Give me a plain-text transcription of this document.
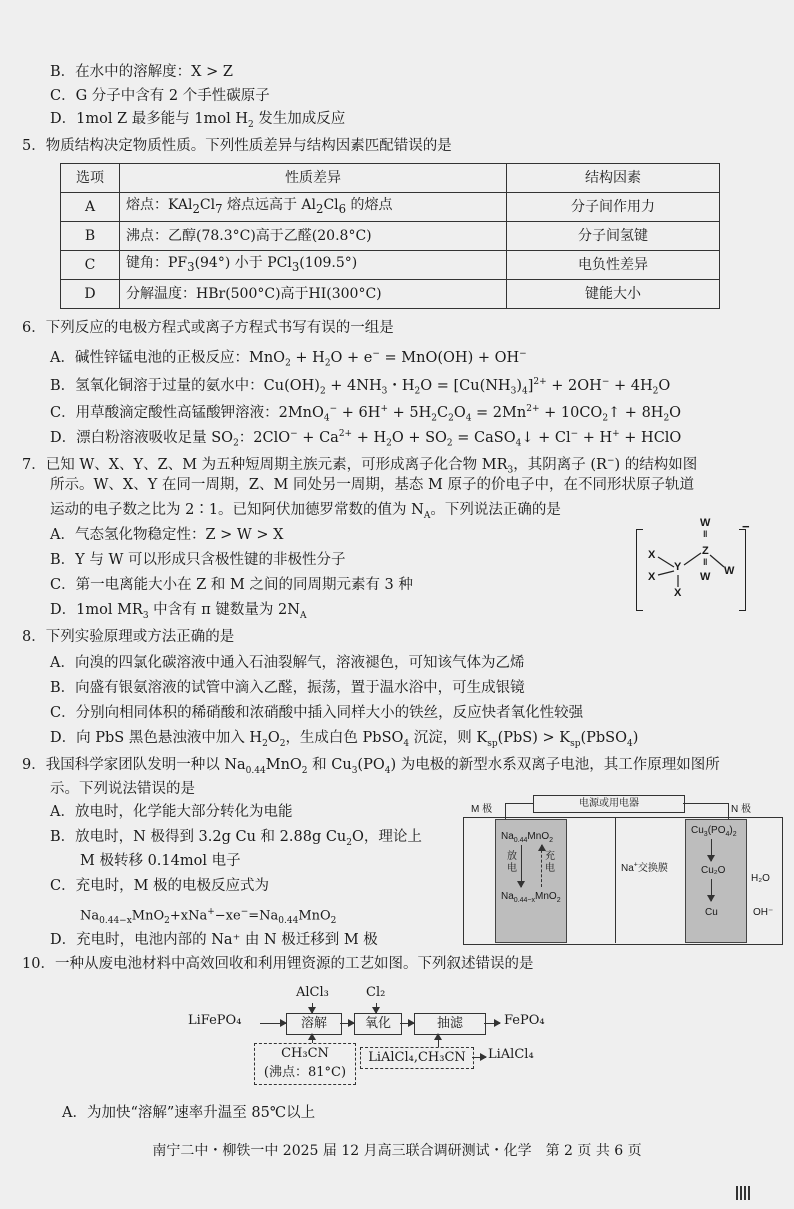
B．在水中的溶解度：X > Z
C．G 分子中含有 2 个手性碳原子
D．1mol Z 最多能与 1mol $H_2$ 发生加成反应
5．物质结构决定物质性质。下列性质差异与结构因素匹配错误的是
选项	性质差异	结构因素
A	熔点：$KAl_2Cl_7$ 熔点远高于 $Al_2Cl_6$ 的熔点	分子间作用力
B	沸点：乙醇(78.3°C)高于乙醛(20.8°C)	分子间氢键
C	键角：$PF_3(94^\circ)$ 小于 PCl$_3$(109.5°)	电负性差异
D	分解温度：HBr(500°C)高于HI(300°C)	键能大小
6．下列反应的电极方程式或离子方程式书写有误的一组是
A．碱性锌锰电池的正极反应：$MnO_2 + H_2O + e^- = MnO(OH) + OH^-$
B．氢氧化铜溶于过量的氨水中：$Cu(OH)_2 + 4NH_3$・$H_2O = [Cu(NH_3)_4]^{2+} + 2OH^- + 4H_2O$
C．用草酸滴定酸性高锰酸钾溶液：$2MnO_4^- + 6H^+ + 5H_2C_2O_4 = 2Mn^{2+}$ + $10CO_2↑ + 8H_2O$
D．漂白粉溶液吸收足量 $SO_2$：$2ClO^- + Ca^{2+} + H_2O + SO_2$ = CaSO$_4$↓ + Cl− + H+ + HClO
7．已知 W、X、Y、Z、M 为五种短周期主族元素，可形成离子化合物 $MR_3$，其阴离子 (R−) 的结构如图
所示。W、X、Y 在同一周期，Z、M 同处另一周期，基态 M 原子的价电子中，在不同形状原子轨道
运动的电子数之比为 2∶1。已知阿伏加德罗常数的值为 $N_A$。下列说法正确的是
A．气态氢化物稳定性：Z > W > X
B．Y 与 W 可以形成只含极性键的非极性分子
C．第一电离能大小在 Z 和 M 之间的同周期元素有 3 种
D．1mol $MR_3$ 中含有 π 键数量为 $2N_A$
−
W
‖
Z
‖
W W
Y
X
X
X
8．下列实验原理或方法正确的是
A．向溴的四氯化碳溶液中通入石油裂解气，溶液褪色，可知该气体为乙烯
B．向盛有银氨溶液的试管中滴入乙醛，振荡，置于温水浴中，可生成银镜
C．分别向相同体积的稀硝酸和浓硝酸中插入同样大小的铁丝，反应快者氧化性较强
D．向 PbS 黑色悬浊液中加入 $H_2O_2$，生成白色 PbSO$_4$ 沉淀，则 $K_{sp}(PbS)$ > $K_{sp}(PbSO_4)$
9．我国科学家团队发明一种以 $Na_{0.44}MnO_2$ 和 $Cu_3(PO_4)$ 为电极的新型水系双离子电池，其工作原理如图所
示。下列说法错误的是
A．放电时，化学能大部分转化为电能
B．放电时，N 极得到 3.2g Cu 和 2.88g $Cu_2O$，理论上
M 极转移 0.14mol 电子
C．充电时，M 极的电极反应式为
$Na_{0.44-x}MnO_2+xNa^+-xe^-=Na_{0.44}MnO_2$
D．充电时，电池内部的 Na⁺ 由 N 极迁移到 M 极
电源或用电器
M 极	N 极
$Na_{0.44}MnO_2$
$Na_{0.44-x}MnO_2$
放电
充电	Na+交换膜
$Cu_3(PO_4)_2$
Cu₂O
Cu
H₂O
OH⁻
10．一种从废电池材料中高效回收和利用锂资源的工艺如图。下列叙述错误的是
LiFePO₄	溶解	氧化	抽滤	FePO₄
AlCl₃	Cl₂
CH₃CN
(沸点：81°C)
LiAlCl₄,CH₃CN	LiAlCl₄
A．为加快“溶解”速率升温至 85℃以上
南宁二中・柳铁一中 2025 届 12 月高三联合调研测试・化学　第 2 页 共 6 页
